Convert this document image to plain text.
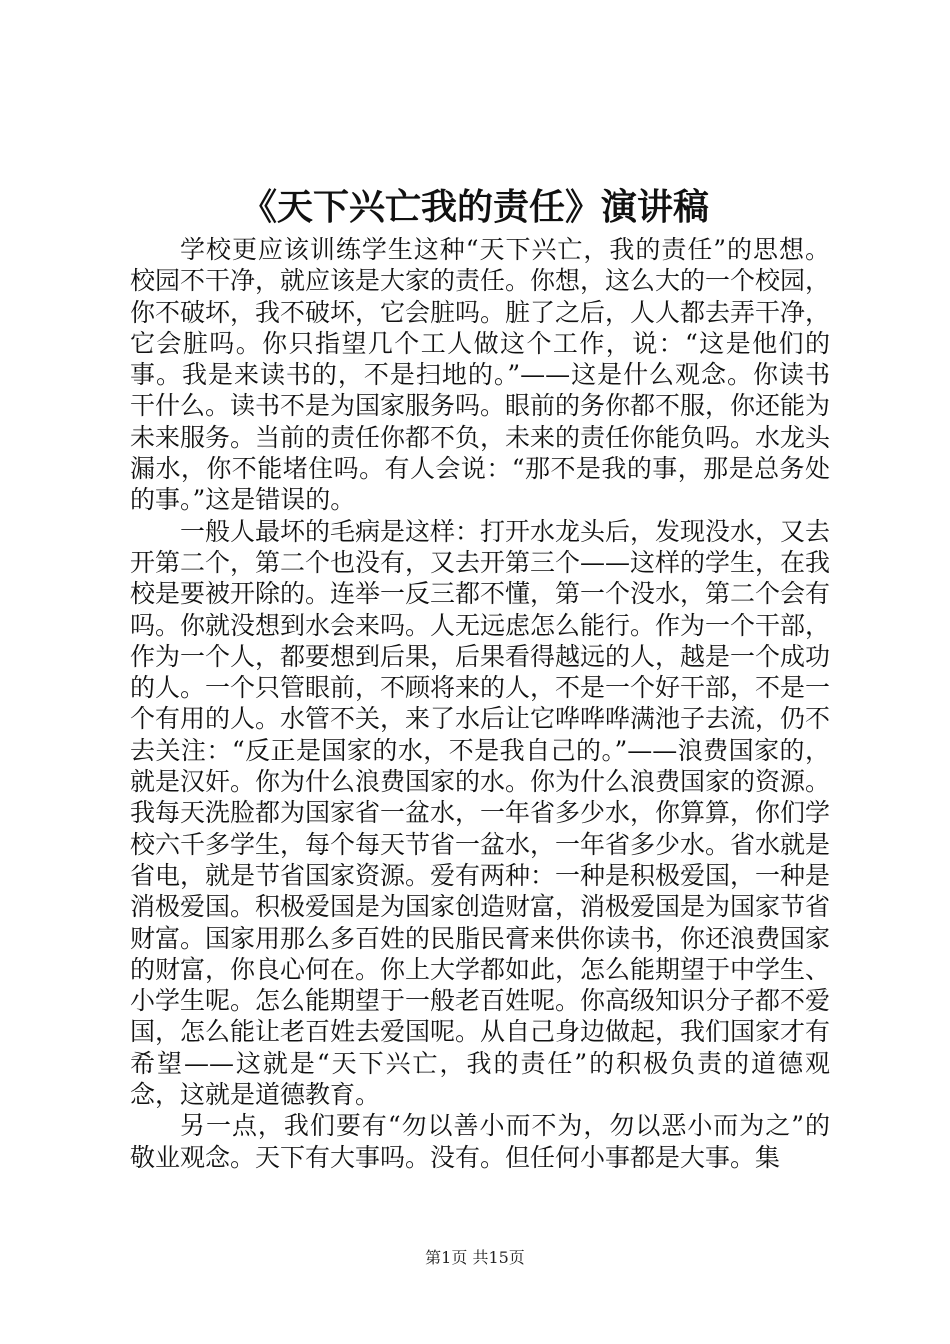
《天下兴亡我的责任》演讲稿

学校更应该训练学生这种“天下兴亡，我的责任”的思想。校园不干净，就应该是大家的责任。你想，这么大的一个校园，你不破坏，我不破坏，它会脏吗。脏了之后，人人都去弄干净，它会脏吗。你只指望几个工人做这个工作，说：“这是他们的事。我是来读书的，不是扫地的。”——这是什么观念。你读书干什么。读书不是为国家服务吗。眼前的务你都不服，你还能为未来服务。当前的责任你都不负，未来的责任你能负吗。水龙头漏水，你不能堵住吗。有人会说：“那不是我的事，那是总务处的事。”这是错误的。

一般人最坏的毛病是这样：打开水龙头后，发现没水，又去开第二个，第二个也没有，又去开第三个——这样的学生，在我校是要被开除的。连举一反三都不懂，第一个没水，第二个会有吗。你就没想到水会来吗。人无远虑怎么能行。作为一个干部，作为一个人，都要想到后果，后果看得越远的人，越是一个成功的人。一个只管眼前，不顾将来的人，不是一个好干部，不是一个有用的人。水管不关，来了水后让它哗哗哗满池子去流，仍不去关注：“反正是国家的水，不是我自己的。”——浪费国家的，就是汉奸。你为什么浪费国家的水。你为什么浪费国家的资源。我每天洗脸都为国家省一盆水，一年省多少水，你算算，你们学校六千多学生，每个每天节省一盆水，一年省多少水。省水就是省电，就是节省国家资源。爱有两种：一种是积极爱国，一种是消极爱国。积极爱国是为国家创造财富，消极爱国是为国家节省财富。国家用那么多百姓的民脂民膏来供你读书，你还浪费国家的财富，你良心何在。你上大学都如此，怎么能期望于中学生、小学生呢。怎么能期望于一般老百姓呢。你高级知识分子都不爱国，怎么能让老百姓去爱国呢。从自己身边做起，我们国家才有希望——这就是“天下兴亡，我的责任”的积极负责的道德观念，这就是道德教育。

另一点，我们要有“勿以善小而不为，勿以恶小而为之”的敬业观念。天下有大事吗。没有。但任何小事都是大事。集

第1页 共15页
